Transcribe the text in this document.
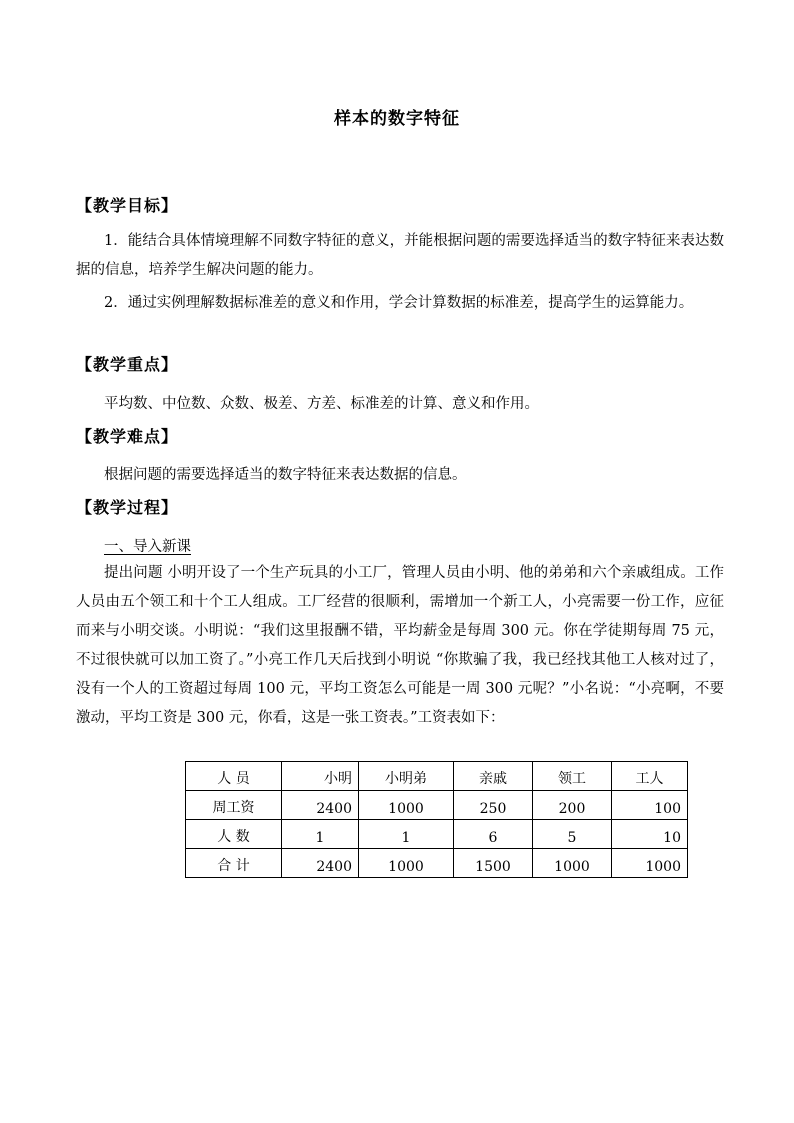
样本的数字特征
【教学目标】

1．能结合具体情境理解不同数字特征的意义，并能根据问题的需要选择适当的数字特征来表达数据的信息，培养学生解决问题的能力。

2．通过实例理解数据标准差的意义和作用，学会计算数据的标准差，提高学生的运算能力。

【教学重点】
平均数、中位数、众数、极差、方差、标准差的计算、意义和作用。
【教学难点】
根据问题的需要选择适当的数字特征来表达数据的信息。
【教学过程】
一、导入新课

提出问题 小明开设了一个生产玩具的小工厂，管理人员由小明、他的弟弟和六个亲戚组成。工作人员由五个领工和十个工人组成。工厂经营的很顺利，需增加一个新工人，小亮需要一份工作，应征而来与小明交谈。小明说：“我们这里报酬不错，平均薪金是每周 300 元。你在学徒期每周 75 元，不过很快就可以加工资了。”小亮工作几天后找到小明说 “你欺骗了我，我已经找其他工人核对过了，没有一个人的工资超过每周 100 元，平均工资怎么可能是一周 300 元呢？”小名说：“小亮啊，不要激动，平均工资是 300 元，你看，这是一张工资表。”工资表如下：

人 员	小明	小明弟	亲戚	领工	工人
周工资	2400	1000	250	200	100
人 数	1	1	6	5	10
合 计	2400	1000	1500	1000	1000
